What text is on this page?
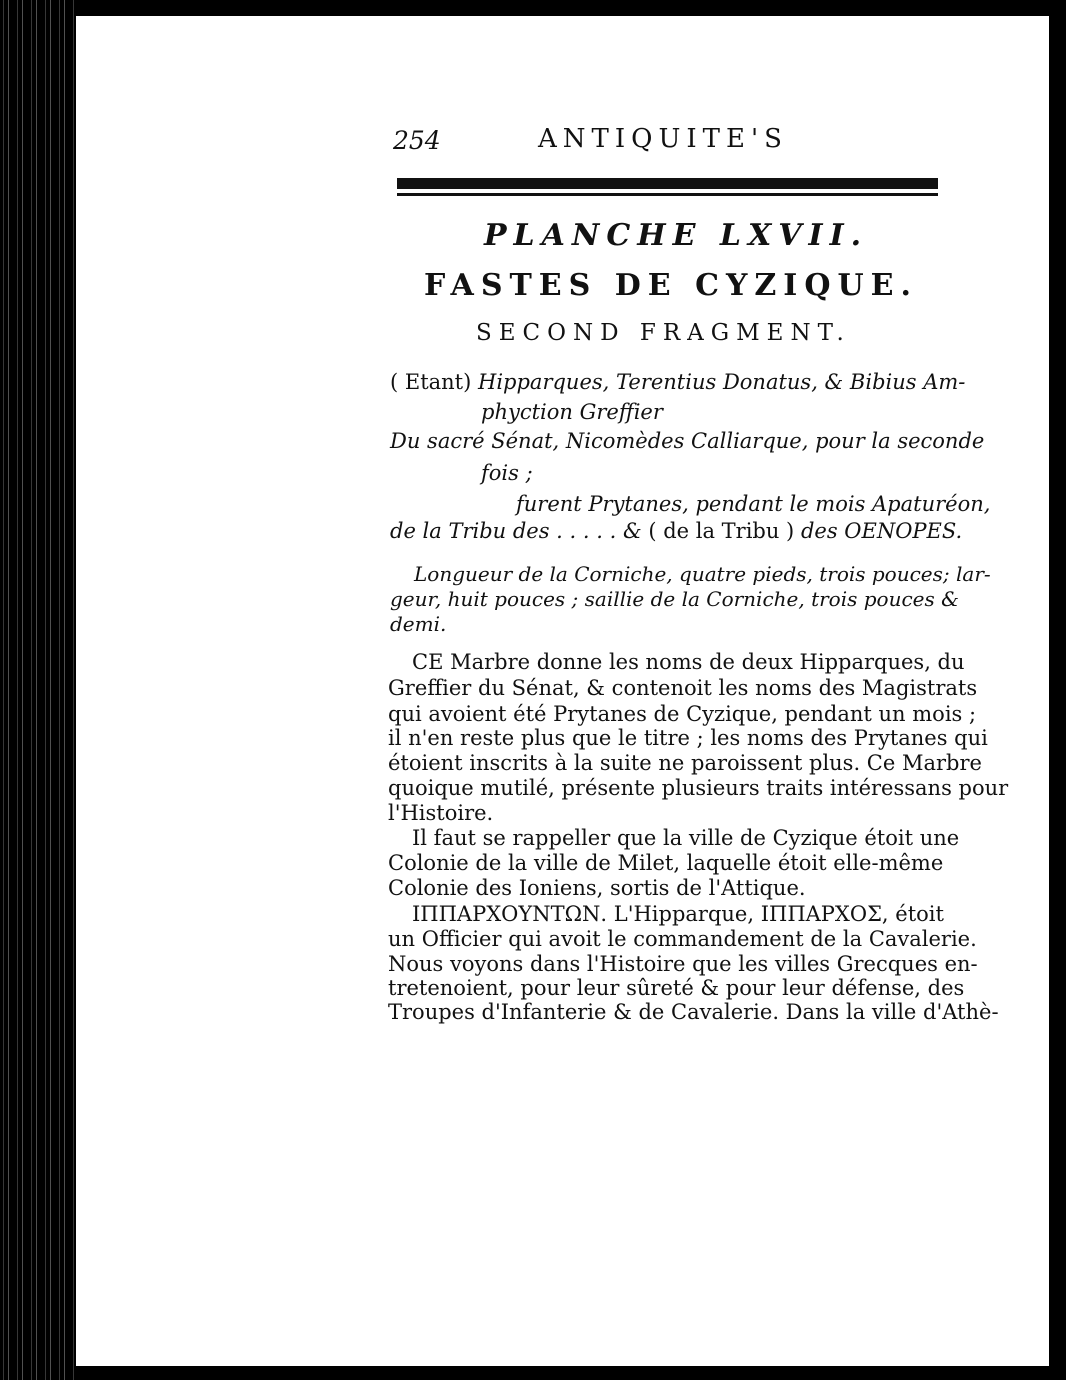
254	ANTIQUITE'S
PLANCHE LXVII.
FASTES DE CYZIQUE.
SECOND FRAGMENT.
( Etant) Hipparques, Terentius Donatus, & Bibius Am-
phyction Greffier
Du sacré Sénat, Nicomèdes Calliarque, pour la seconde
fois ;
furent Prytanes, pendant le mois Apaturéon,
de la Tribu des . . . . . & ( de la Tribu ) des OENOPES.
Longueur de la Corniche, quatre pieds, trois pouces; lar-
geur, huit pouces ; saillie de la Corniche, trois pouces &
demi.
CE Marbre donne les noms de deux Hipparques, du
Greffier du Sénat, & contenoit les noms des Magistrats
qui avoient été Prytanes de Cyzique, pendant un mois ;
il n'en reste plus que le titre ; les noms des Prytanes qui
étoient inscrits à la suite ne paroissent plus. Ce Marbre
quoique mutilé, présente plusieurs traits intéressans pour
l'Histoire.
Il faut se rappeller que la ville de Cyzique étoit une
Colonie de la ville de Milet, laquelle étoit elle-même
Colonie des Ioniens, sortis de l'Attique.
ΙΠΠΑΡΧΟΥΝΤΩΝ. L'Hipparque, ΙΠΠΑΡΧΟΣ, étoit
un Officier qui avoit le commandement de la Cavalerie.
Nous voyons dans l'Histoire que les villes Grecques en-
tretenoient, pour leur sûreté & pour leur défense, des
Troupes d'Infanterie & de Cavalerie. Dans la ville d'Athè-
